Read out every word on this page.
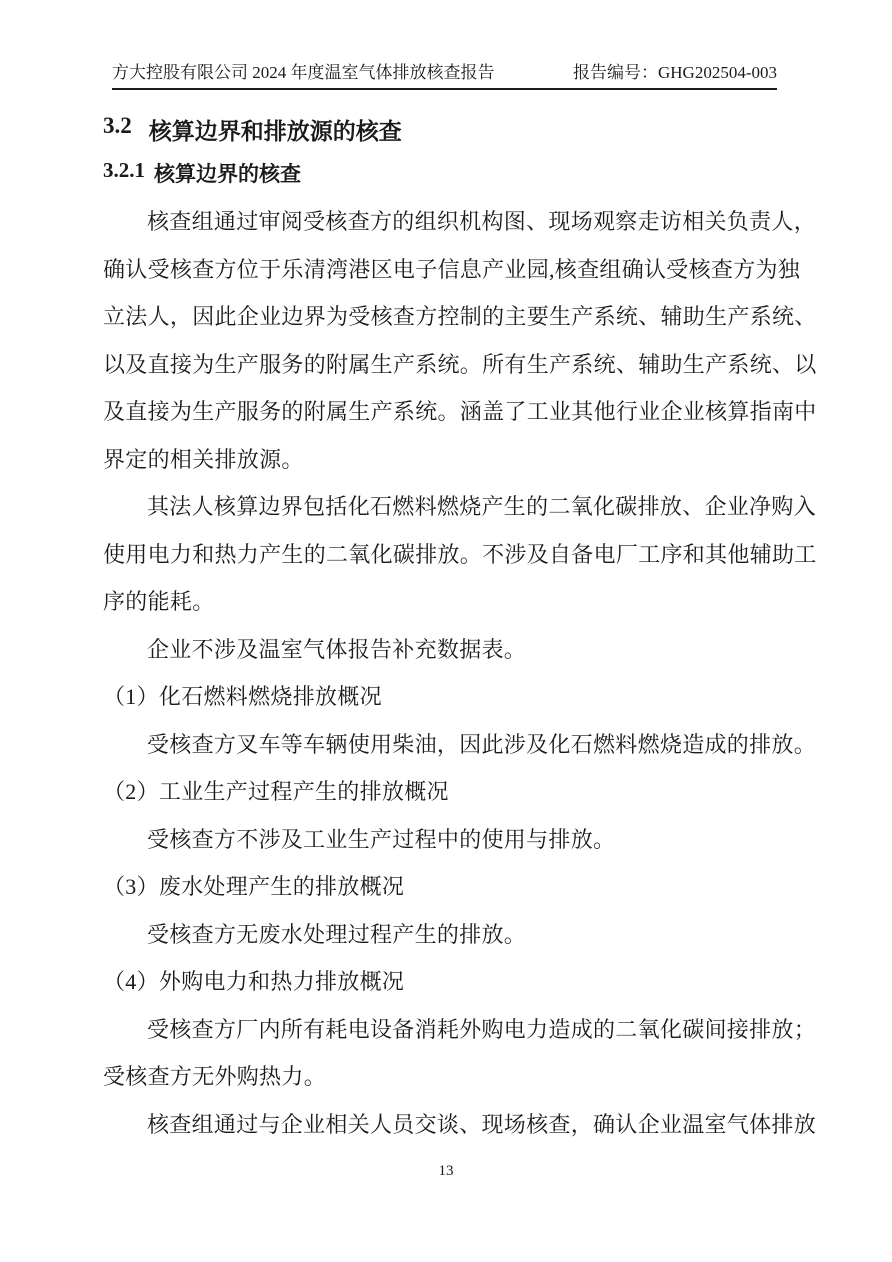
方大控股有限公司 2024 年度温室气体排放核查报告	报告编号： GHG202504-003
3.2 核算边界和排放源的核查
3.2.1 核算边界的核查
核查组通过审阅受核查方的组织机构图、现场观察走访相关负责人，
确认受核查方位于乐清湾港区电子信息产业园,核查组确认受核查方为独
立法人，因此企业边界为受核查方控制的主要生产系统、辅助生产系统、
以及直接为生产服务的附属生产系统。所有生产系统、辅助生产系统、以
及直接为生产服务的附属生产系统。涵盖了工业其他行业企业核算指南中
界定的相关排放源。
其法人核算边界包括化石燃料燃烧产生的二氧化碳排放、企业净购入
使用电力和热力产生的二氧化碳排放。不涉及自备电厂工序和其他辅助工
序的能耗。
企业不涉及温室气体报告补充数据表。
（1）化石燃料燃烧排放概况
受核查方叉车等车辆使用柴油，因此涉及化石燃料燃烧造成的排放。
（2）工业生产过程产生的排放概况
受核查方不涉及工业生产过程中的使用与排放。
（3）废水处理产生的排放概况
受核查方无废水处理过程产生的排放。
（4）外购电力和热力排放概况
受核查方厂内所有耗电设备消耗外购电力造成的二氧化碳间接排放；
受核查方无外购热力。
核查组通过与企业相关人员交谈、现场核查，确认企业温室气体排放
13
